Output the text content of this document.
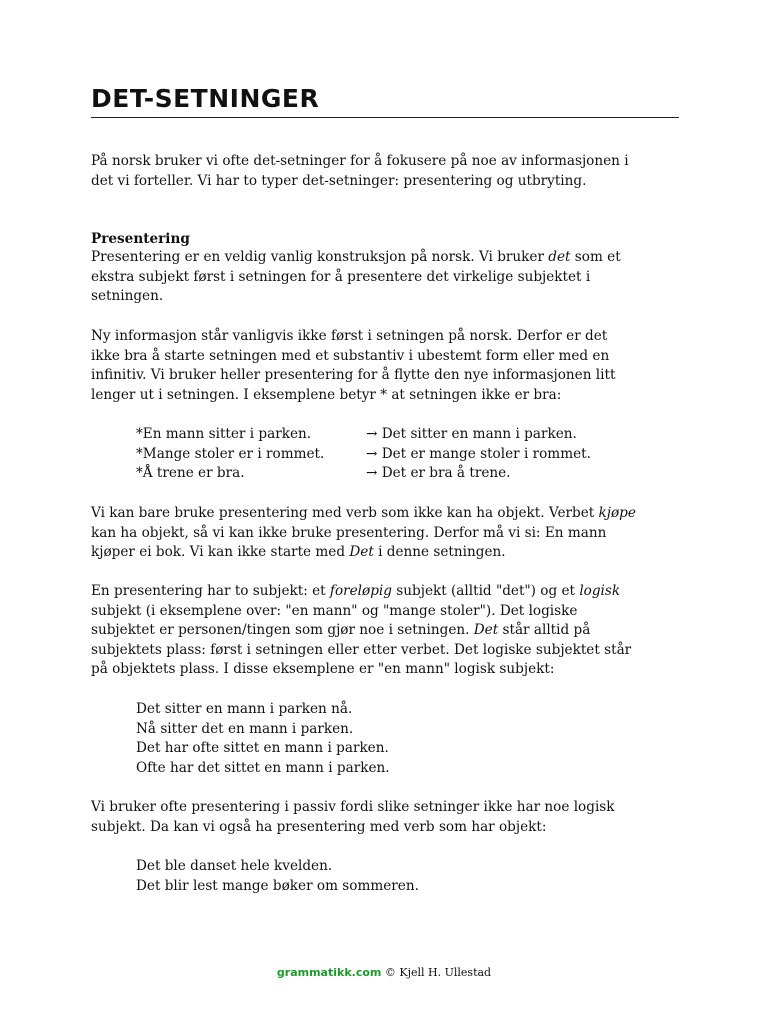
DET-SETNINGER

På norsk bruker vi ofte det-setninger for å fokusere på noe av informasjonen i
det vi forteller. Vi har to typer det-setninger: presentering og utbryting.

Presentering

Presentering er en veldig vanlig konstruksjon på norsk. Vi bruker det som et
ekstra subjekt først i setningen for å presentere det virkelige subjektet i
setningen.

Ny informasjon står vanligvis ikke først i setningen på norsk. Derfor er det
ikke bra å starte setningen med et substantiv i ubestemt form eller med en
infinitiv. Vi bruker heller presentering for å flytte den nye informasjonen litt
lenger ut i setningen. I eksemplene betyr * at setningen ikke er bra:

*En mann sitter i parken.	→ Det sitter en mann i parken.
*Mange stoler er i rommet.	→ Det er mange stoler i rommet.
*Å trene er bra.	→ Det er bra å trene.

Vi kan bare bruke presentering med verb som ikke kan ha objekt. Verbet kjøpe
kan ha objekt, så vi kan ikke bruke presentering. Derfor må vi si: En mann
kjøper ei bok. Vi kan ikke starte med Det i denne setningen.

En presentering har to subjekt: et foreløpig subjekt (alltid "det") og et logisk
subjekt (i eksemplene over: "en mann" og "mange stoler"). Det logiske
subjektet er personen/tingen som gjør noe i setningen. Det står alltid på
subjektets plass: først i setningen eller etter verbet. Det logiske subjektet står
på objektets plass. I disse eksemplene er "en mann" logisk subjekt:

Det sitter en mann i parken nå.
Nå sitter det en mann i parken.
Det har ofte sittet en mann i parken.
Ofte har det sittet en mann i parken.

Vi bruker ofte presentering i passiv fordi slike setninger ikke har noe logisk
subjekt. Da kan vi også ha presentering med verb som har objekt:

Det ble danset hele kvelden.
Det blir lest mange bøker om sommeren.
grammatikk.com © Kjell H. Ullestad
